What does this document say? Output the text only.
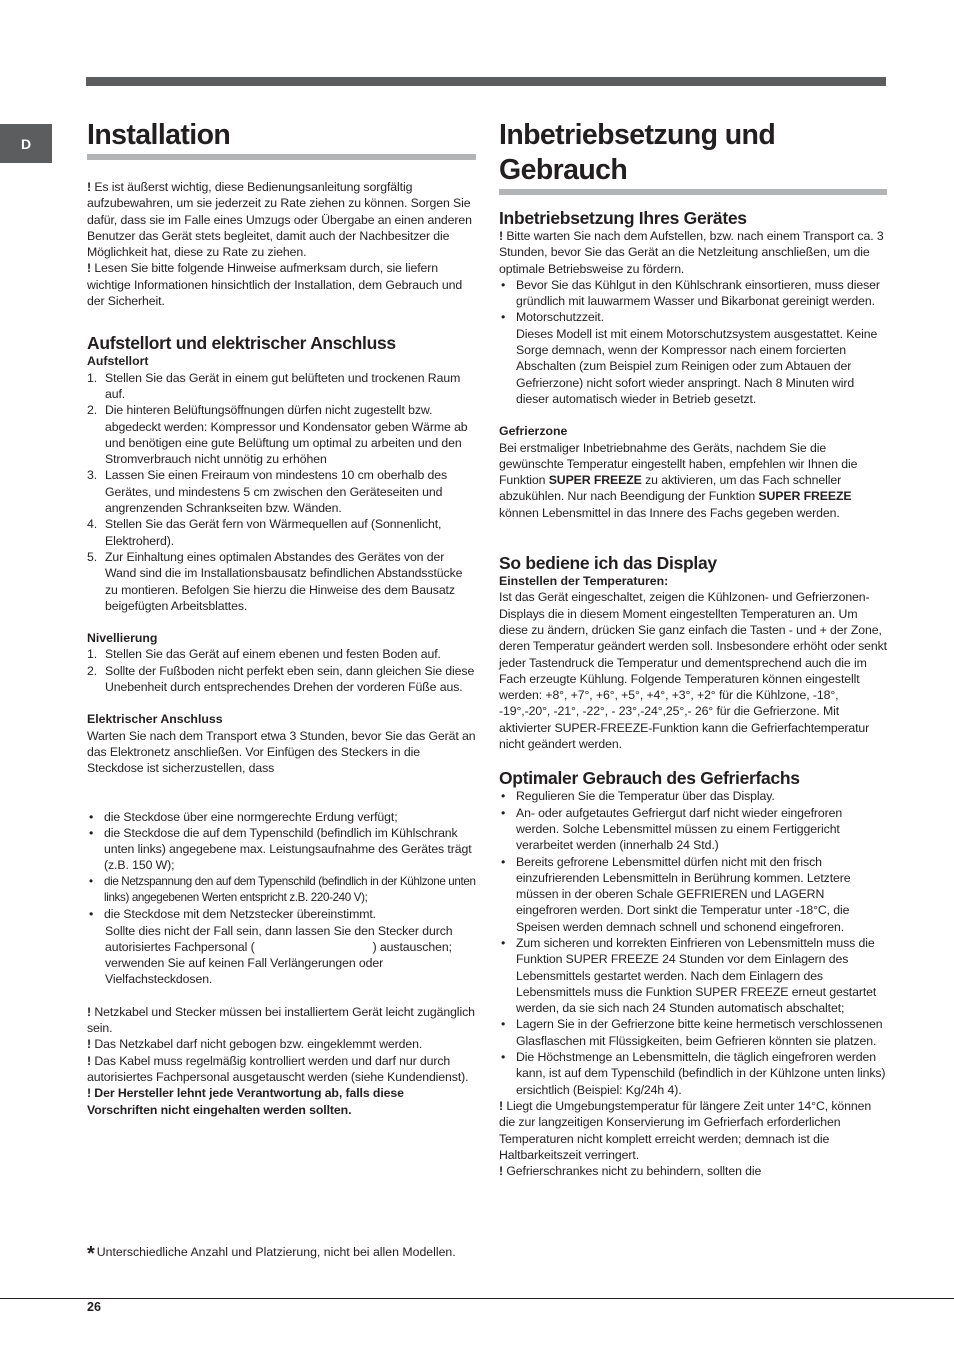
D	Installation

! Es ist äußerst wichtig, diese Bedienungsanleitung sorgfältig aufzubewahren, um sie jederzeit zu Rate ziehen zu können. Sorgen Sie dafür, dass sie im Falle eines Umzugs oder Übergabe an einen anderen Benutzer das Gerät stets begleitet, damit auch der Nachbesitzer die Möglichkeit hat, diese zu Rate zu ziehen.

! Lesen Sie bitte folgende Hinweise aufmerksam durch, sie liefern wichtige Informationen hinsichtlich der Installation, dem Gebrauch und der Sicherheit.

Aufstellort und elektrischer Anschluss
Aufstellort
1. Stellen Sie das Gerät in einem gut belüfteten und trockenen Raum auf.
2. Die hinteren Belüftungsöffnungen dürfen nicht zugestellt bzw. abgedeckt werden: Kompressor und Kondensator geben Wärme ab und benötigen eine gute Belüftung um optimal zu arbeiten und den Stromverbrauch nicht unnötig zu erhöhen
3. Lassen Sie einen Freiraum von mindestens 10 cm oberhalb des Gerätes, und mindestens 5 cm zwischen den Geräteseiten und angrenzenden Schrankseiten bzw. Wänden.
4. Stellen Sie das Gerät fern von Wärmequellen auf (Sonnenlicht, Elektroherd).
5. Zur Einhaltung eines optimalen Abstandes des Gerätes von der Wand sind die im Installationsbausatz befindlichen Abstandsstücke zu montieren. Befolgen Sie hierzu die Hinweise des dem Bausatz beigefügten Arbeitsblattes.
Nivellierung
1. Stellen Sie das Gerät auf einem ebenen und festen Boden auf.
2. Sollte der Fußboden nicht perfekt eben sein, dann gleichen Sie diese Unebenheit durch entsprechendes Drehen der vorderen Füße aus.
Elektrischer Anschluss

Warten Sie nach dem Transport etwa 3 Stunden, bevor Sie das Gerät an das Elektronetz anschließen. Vor Einfügen des Steckers in die Steckdose ist sicherzustellen, dass

• die Steckdose über eine normgerechte Erdung verfügt;
• die Steckdose die auf dem Typenschild (befindlich im Kühlschrank unten links) angegebene max. Leistungsaufnahme des Gerätes trägt (z.B. 150 W);
• die Netzspannung den auf dem Typenschild (befindlich in der Kühlzone unten links) angegebenen Werten entspricht z.B. 220-240 V);
• die Steckdose mit dem Netzstecker übereinstimmt.

Sollte dies nicht der Fall sein, dann lassen Sie den Stecker durch autorisiertes Fachpersonal (	) austauschen; verwenden Sie auf keinen Fall Verlängerungen oder Vielfachsteckdosen.

! Netzkabel und Stecker müssen bei installiertem Gerät leicht zugänglich sein.

! Das Netzkabel darf nicht gebogen bzw. eingeklemmt werden.

! Das Kabel muss regelmäßig kontrolliert werden und darf nur durch autorisiertes Fachpersonal ausgetauscht werden (siehe Kundendienst).

! Der Hersteller lehnt jede Verantwortung ab, falls diese Vorschriften nicht eingehalten werden sollten.

Inbetriebsetzung und
Gebrauch
Inbetriebsetzung Ihres Gerätes

! Bitte warten Sie nach dem Aufstellen, bzw. nach einem Transport ca. 3 Stunden, bevor Sie das Gerät an die Netzleitung anschließen, um die optimale Betriebsweise zu fördern.

• Bevor Sie das Kühlgut in den Kühlschrank einsortieren, muss dieser gründlich mit lauwarmem Wasser und Bikarbonat gereinigt werden.
• Motorschutzzeit.
Dieses Modell ist mit einem Motorschutzsystem ausgestattet. Keine Sorge demnach, wenn der Kompressor nach einem forcierten Abschalten (zum Beispiel zum Reinigen oder zum Abtauen der Gefrierzone) nicht sofort wieder anspringt. Nach 8 Minuten wird dieser automatisch wieder in Betrieb gesetzt.
Gefrierzone

Bei erstmaliger Inbetriebnahme des Geräts, nachdem Sie die gewünschte Temperatur eingestellt haben, empfehlen wir Ihnen die Funktion SUPER FREEZE zu aktivieren, um das Fach schneller abzukühlen. Nur nach Beendigung der Funktion SUPER FREEZE können Lebensmittel in das Innere des Fachs gegeben werden.

So bediene ich das Display
Einstellen der Temperaturen:

Ist das Gerät eingeschaltet, zeigen die Kühlzonen- und Gefrierzonen-Displays die in diesem Moment eingestellten Temperaturen an. Um diese zu ändern, drücken Sie ganz einfach die Tasten - und + der Zone, deren Temperatur geändert werden soll. Insbesondere erhöht oder senkt jeder Tastendruck die Temperatur und dementsprechend auch die im Fach erzeugte Kühlung. Folgende Temperaturen können eingestellt werden: +8°, +7°, +6°, +5°, +4°, +3°, +2° für die Kühlzone, -18°, -19°,-20°, -21°, -22°, - 23°,-24°,25°,- 26° für die Gefrierzone. Mit aktivierter SUPER-FREEZE-Funktion kann die Gefrierfachtemperatur nicht geändert werden.

Optimaler Gebrauch des Gefrierfachs
• Regulieren Sie die Temperatur über das Display.
• An- oder aufgetautes Gefriergut darf nicht wieder eingefroren werden. Solche Lebensmittel müssen zu einem Fertiggericht verarbeitet werden (innerhalb 24 Std.)
• Bereits gefrorene Lebensmittel dürfen nicht mit den frisch einzufrierenden Lebensmitteln in Berührung kommen. Letztere müssen in der oberen Schale GEFRIEREN und LAGERN eingefroren werden. Dort sinkt die Temperatur unter -18°C, die Speisen werden demnach schnell und schonend eingefroren.
• Zum sicheren und korrekten Einfrieren von Lebensmitteln muss die Funktion SUPER FREEZE 24 Stunden vor dem Einlagern des Lebensmittels gestartet werden. Nach dem Einlagern des Lebensmittels muss die Funktion SUPER FREEZE erneut gestartet werden, da sie sich nach 24 Stunden automatisch abschaltet;
• Lagern Sie in der Gefrierzone bitte keine hermetisch verschlossenen Glasflaschen mit Flüssigkeiten, beim Gefrieren könnten sie platzen.
• Die Höchstmenge an Lebensmitteln, die täglich eingefroren werden kann, ist auf dem Typenschild (befindlich in der Kühlzone unten links) ersichtlich (Beispiel: Kg/24h 4).

! Liegt die Umgebungstemperatur für längere Zeit unter 14°C, können die zur langzeitigen Konservierung im Gefrierfach erforderlichen Temperaturen nicht komplett erreicht werden; demnach ist die Haltbarkeitszeit verringert.

! Gefrierschrankes nicht zu behindern, sollten die

* Unterschiedliche Anzahl und Platzierung, nicht bei allen Modellen.
26
